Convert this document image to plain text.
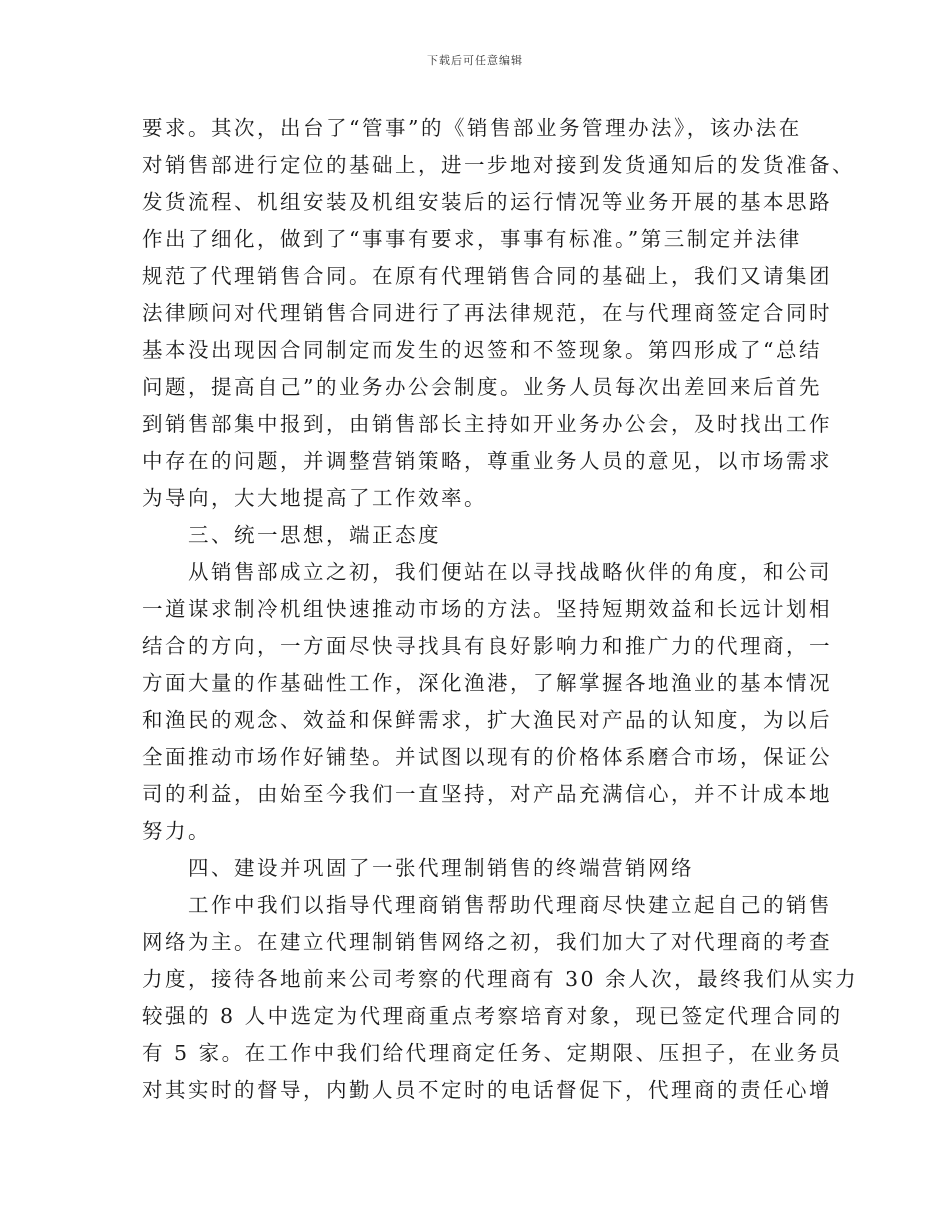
下载后可任意编辑
要求。其次，出台了“管事”的《销售部业务管理办法》，该办法在
对销售部进行定位的基础上，进一步地对接到发货通知后的发货准备、
发货流程、机组安装及机组安装后的运行情况等业务开展的基本思路
作出了细化，做到了“事事有要求，事事有标准。”第三制定并法律
规范了代理销售合同。在原有代理销售合同的基础上，我们又请集团
法律顾问对代理销售合同进行了再法律规范，在与代理商签定合同时
基本没出现因合同制定而发生的迟签和不签现象。第四形成了“总结
问题，提高自己”的业务办公会制度。业务人员每次出差回来后首先
到销售部集中报到，由销售部长主持如开业务办公会，及时找出工作
中存在的问题，并调整营销策略，尊重业务人员的意见，以市场需求
为导向，大大地提高了工作效率。
三、统一思想，端正态度
从销售部成立之初，我们便站在以寻找战略伙伴的角度，和公司
一道谋求制冷机组快速推动市场的方法。坚持短期效益和长远计划相
结合的方向，一方面尽快寻找具有良好影响力和推广力的代理商，一
方面大量的作基础性工作，深化渔港，了解掌握各地渔业的基本情况
和渔民的观念、效益和保鲜需求，扩大渔民对产品的认知度，为以后
全面推动市场作好铺垫。并试图以现有的价格体系磨合市场，保证公
司的利益，由始至今我们一直坚持，对产品充满信心，并不计成本地
努力。
四、建设并巩固了一张代理制销售的终端营销网络
工作中我们以指导代理商销售帮助代理商尽快建立起自己的销售
网络为主。在建立代理制销售网络之初，我们加大了对代理商的考查
力度，接待各地前来公司考察的代理商有 30 余人次，最终我们从实力
较强的 8 人中选定为代理商重点考察培育对象，现已签定代理合同的
有 5 家。在工作中我们给代理商定任务、定期限、压担子，在业务员
对其实时的督导，内勤人员不定时的电话督促下，代理商的责任心增
